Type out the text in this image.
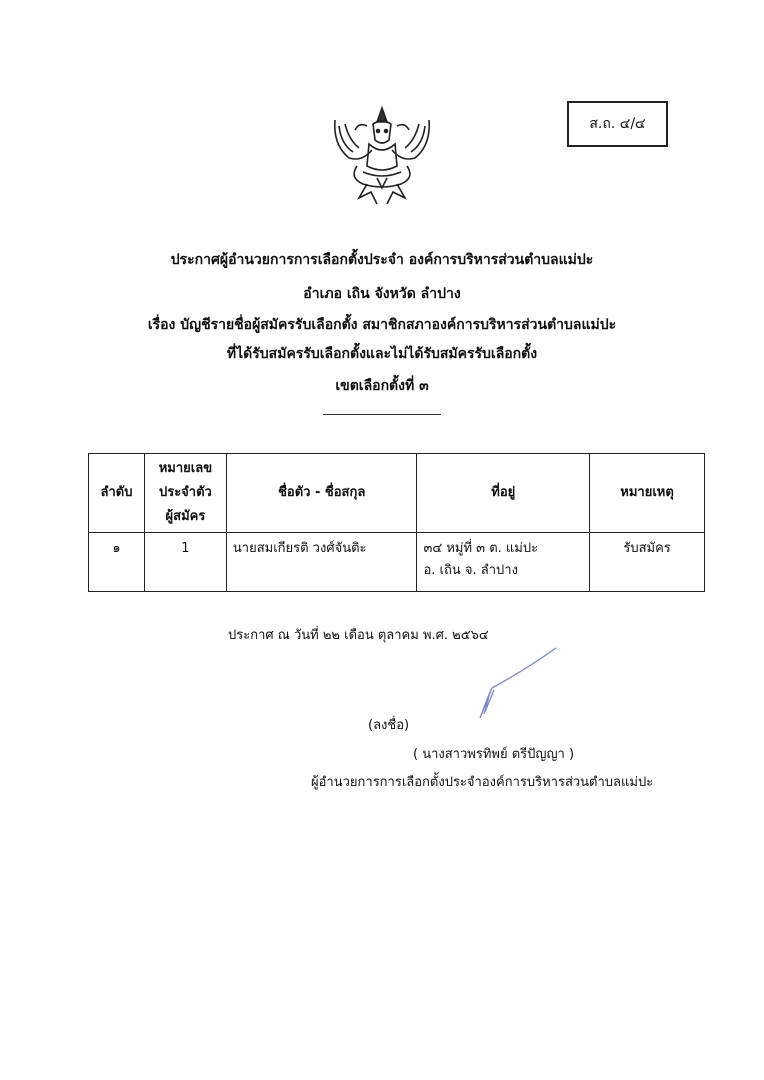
ส.ถ. ๔/๔
ประกาศผู้อำนวยการการเลือกตั้งประจำ องค์การบริหารส่วนตำบลแม่ปะ
อำเภอ เถิน จังหวัด ลำปาง
เรื่อง บัญชีรายชื่อผู้สมัครรับเลือกตั้ง สมาชิกสภาองค์การบริหารส่วนตำบลแม่ปะ
ที่ได้รับสมัครรับเลือกตั้งและไม่ได้รับสมัครรับเลือกตั้ง
เขตเลือกตั้งที่ ๓
ลำดับ	หมายเลข
ประจำตัว
ผู้สมัคร	ชื่อตัว - ชื่อสกุล	ที่อยู่	หมายเหตุ
๑	1	นายสมเกียรติ วงศ์จันติะ	๓๔ หมู่ที่ ๓ ต. แม่ปะ
อ. เถิน จ. ลำปาง	รับสมัคร
ประกาศ ณ วันที่ ๒๒ เดือน ตุลาคม พ.ศ. ๒๕๖๔
(ลงชื่อ)
( นางสาวพรทิพย์ ตรีปัญญา )
ผู้อำนวยการการเลือกตั้งประจำองค์การบริหารส่วนตำบลแม่ปะ
